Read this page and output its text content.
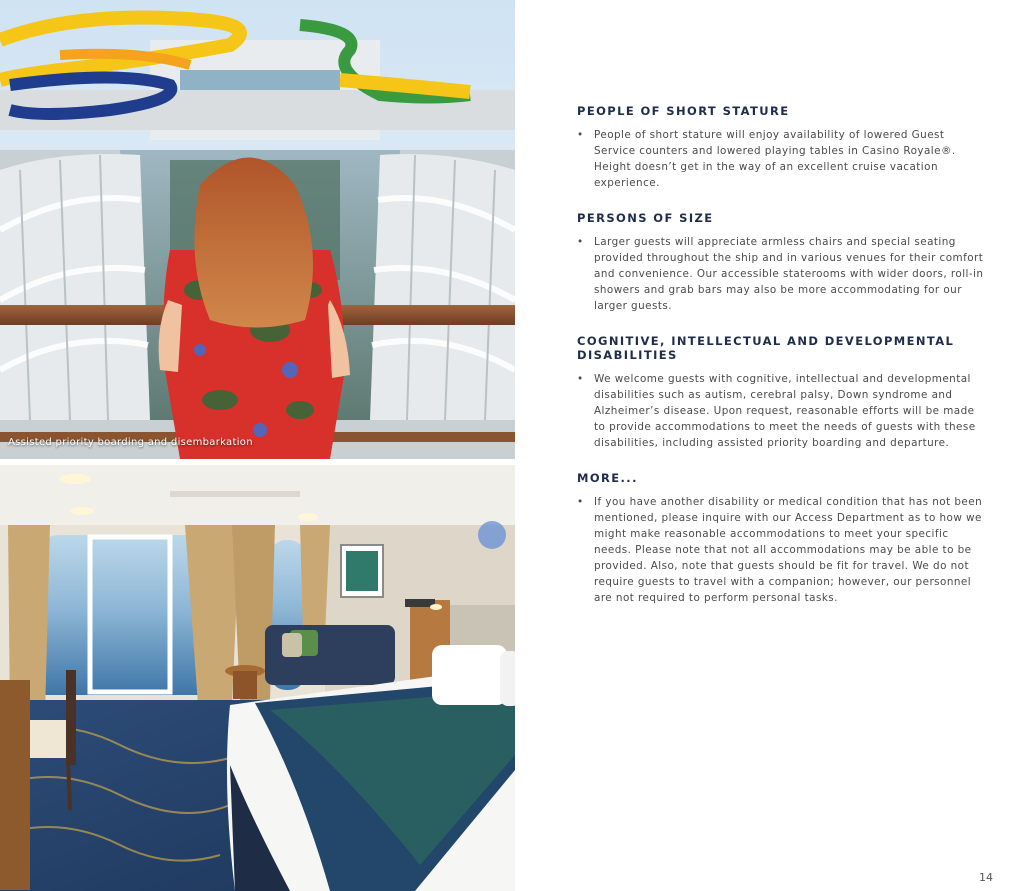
Assisted priority boarding and disembarkation
PEOPLE OF SHORT STATURE
• People of short stature will enjoy availability of lowered Guest Service counters and lowered playing tables in Casino Royale®. Height doesn’t get in the way of an excellent cruise vacation experience.
PERSONS OF SIZE
• Larger guests will appreciate armless chairs and special seating provided throughout the ship and in various venues for their comfort and convenience. Our accessible staterooms with wider doors, roll-in showers and grab bars may also be more accommodating for our larger guests.
COGNITIVE, INTELLECTUAL AND DEVELOPMENTAL DISABILITIES
• We welcome guests with cognitive, intellectual and developmental disabilities such as autism, cerebral palsy, Down syndrome and Alzheimer’s disease. Upon request, reasonable efforts will be made to provide accommodations to meet the needs of guests with these disabilities, including assisted priority boarding and departure.
MORE...
• If you have another disability or medical condition that has not been mentioned, please inquire with our Access Department as to how we might make reasonable accommodations to meet your specific needs. Please note that not all accommodations may be able to be provided. Also, note that guests should be fit for travel. We do not require guests to travel with a companion; however, our personnel are not required to perform personal tasks.
14
